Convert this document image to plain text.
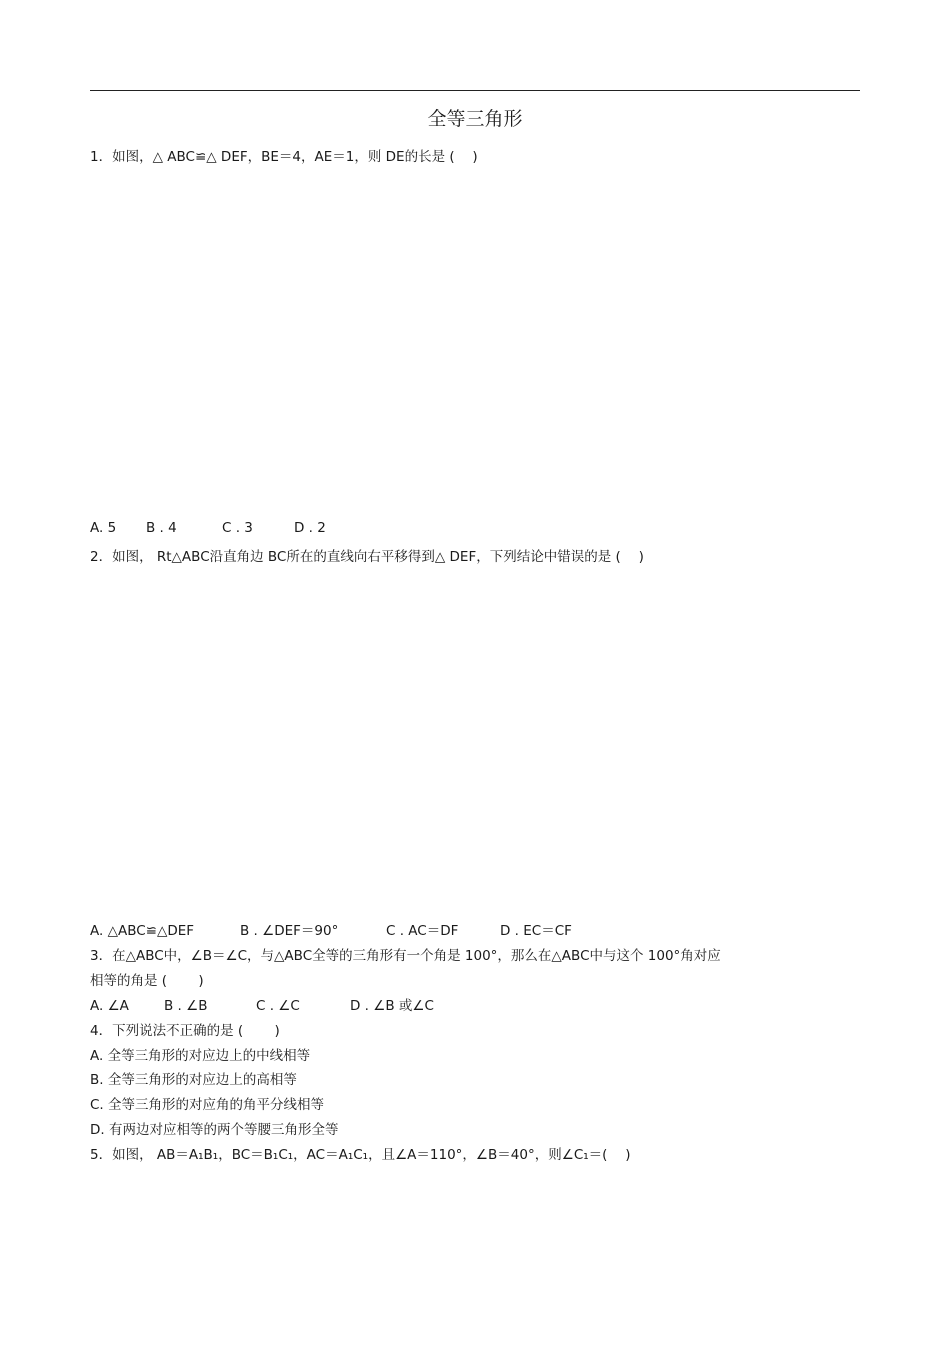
全等三角形
1．如图，△ ABC≌△ DEF，BE＝4，AE＝1，则 DE的长是 (　 )
A. 5 B . 4	C . 3	D . 2
2．如图， Rt△ABC沿直角边 BC所在的直线向右平移得到△ DEF，下列结论中错误的是 (　 )
A. △ABC≌△DEF	B . ∠DEF＝90°	C . AC＝DF	D . EC＝CF
3．在△ABC中，∠B＝∠C，与△ABC全等的三角形有一个角是 100°，那么在△ABC中与这个 100°角对应
相等的角是 (　　 )
A. ∠A	B . ∠B	C . ∠C	D . ∠B 或∠C
4．下列说法不正确的是 (　　 )
A. 全等三角形的对应边上的中线相等
B. 全等三角形的对应边上的高相等
C. 全等三角形的对应角的角平分线相等
D. 有两边对应相等的两个等腰三角形全等
5．如图， AB＝A₁B₁，BC＝B₁C₁，AC＝A₁C₁，且∠A＝110°，∠B＝40°，则∠C₁＝(　 )
